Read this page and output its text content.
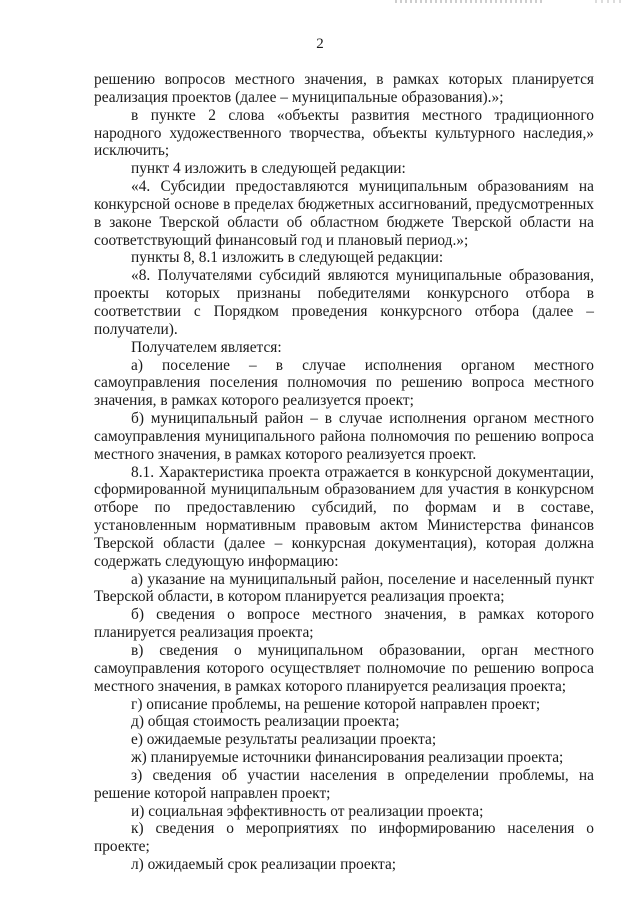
2

решению вопросов местного значения, в рамках которых планируется реализация проектов (далее – муниципальные образования).»;

в пункте 2 слова «объекты развития местного традиционного народного художественного творчества, объекты культурного наследия,» исключить;

пункт 4 изложить в следующей редакции:

«4. Субсидии предоставляются муниципальным образованиям на конкурсной основе в пределах бюджетных ассигнований, предусмотренных в законе Тверской области об областном бюджете Тверской области на соответствующий финансовый год и плановый период.»;

пункты 8, 8.1 изложить в следующей редакции:

«8. Получателями субсидий являются муниципальные образования, проекты которых признаны победителями конкурсного отбора в соответствии с Порядком проведения конкурсного отбора (далее – получатели).

Получателем является:

а) поселение – в случае исполнения органом местного самоуправления поселения полномочия по решению вопроса местного значения, в рамках которого реализуется проект;

б) муниципальный район – в случае исполнения органом местного самоуправления муниципального района полномочия по решению вопроса местного значения, в рамках которого реализуется проект.

8.1. Характеристика проекта отражается в конкурсной документации, сформированной муниципальным образованием для участия в конкурсном отборе по предоставлению субсидий, по формам и в составе, установленным нормативным правовым актом Министерства финансов Тверской области (далее – конкурсная документация), которая должна содержать следующую информацию:

а) указание на муниципальный район, поселение и населенный пункт Тверской области, в котором планируется реализация проекта;

б) сведения о вопросе местного значения, в рамках которого планируется реализация проекта;

в) сведения о муниципальном образовании, орган местного самоуправления которого осуществляет полномочие по решению вопроса местного значения, в рамках которого планируется реализация проекта;

г) описание проблемы, на решение которой направлен проект;

д) общая стоимость реализации проекта;

е) ожидаемые результаты реализации проекта;

ж) планируемые источники финансирования реализации проекта;

з) сведения об участии населения в определении проблемы, на решение которой направлен проект;

и) социальная эффективность от реализации проекта;

к) сведения о мероприятиях по информированию населения о проекте;

л) ожидаемый срок реализации проекта;
